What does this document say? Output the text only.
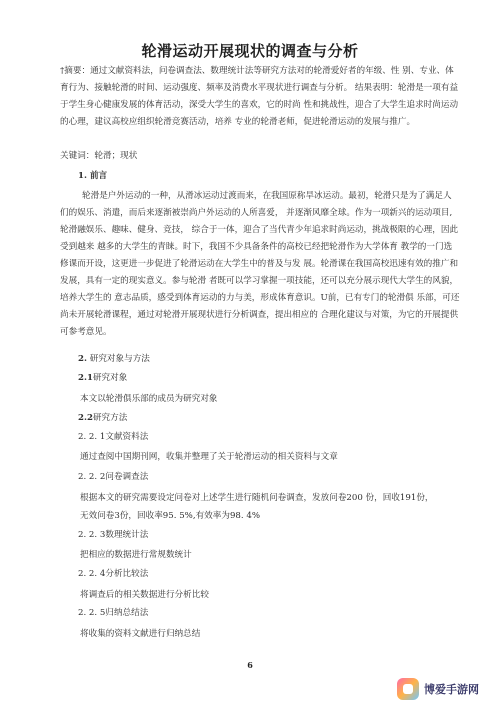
轮滑运动开展现状的调查与分析
†摘要：通过文献资料法，问卷调查法、数理统计法等研究方法对的轮滑爱好者的年级、性 别、专业、体育行为、接触轮滑的时间、运动强度、频率及消费水平现状进行调查与分析。 结果表明：轮滑是一项有益于学生身心健康发展的体育活动，深受大学生的喜欢，它的时尚 性和挑战性，迎合了大学生追求时尚运动的心理，建议高校应组织轮滑竞赛活动，培养 专业的轮滑老师，促进轮滑运动的发展与推广。
关键词：轮滑；现状
1. 前言
轮滑是户外运动的一种，从滑冰运动过渡而来，在我国原称旱冰运动。最初，轮滑只是为了满足人们的娱乐、消遣，而后来逐渐被崇尚户外运动的人所喜爱， 并逐渐风靡全球。作为一项新兴的运动项目,轮滑融娱乐、趣味、健身、竞技， 综合于一体，迎合了当代青少年追求时尚运动，挑战极限的心理，因此受到越来 越多的大学生的青睐。时下，我国不少具备条件的高校已经把轮滑作为大学体育 教学的一门选修课而开设，这更进一步促进了轮滑运动在大学生中的普及与发 展。轮滑课在我国高校迅速有效的推广和发展，具有一定的现实意义。参与轮滑 者既可以学习掌握一项技能，还可以充分展示现代大学生的风貌，培养大学生的 意志品质，感受到体育运动的力与美，形成体育意识。U前，已有专门的轮滑俱 乐部，可还尚未开展轮滑课程，通过对轮滑开展现状进行分析调查，提出相应的 合理化建议与对策，为它的开展提供可参考意见。
2. 研究对象与方法
2.1研究对象
本文以轮滑俱乐部的成员为研究对象
2.2研究方法
2. 2. 1文献资料法
通过查阅中国期刊网，收集并整理了关于轮滑运动的相关资料与文章
2. 2. 2问卷调查法
根据本文的研究需要设定问卷对上述学生进行随机问卷调查，发放问卷200 份，回收191份，
无效问卷3份，回收率95. 5%,有效率为98. 4%
2. 2. 3数理统计法
把相应的数据进行常规数统计
2. 2. 4分析比较法
将调查后的相关数据进行分析比较
2. 2. 5归纳总结法
将收集的资料文献进行归纳总结
6
博爱手游网
